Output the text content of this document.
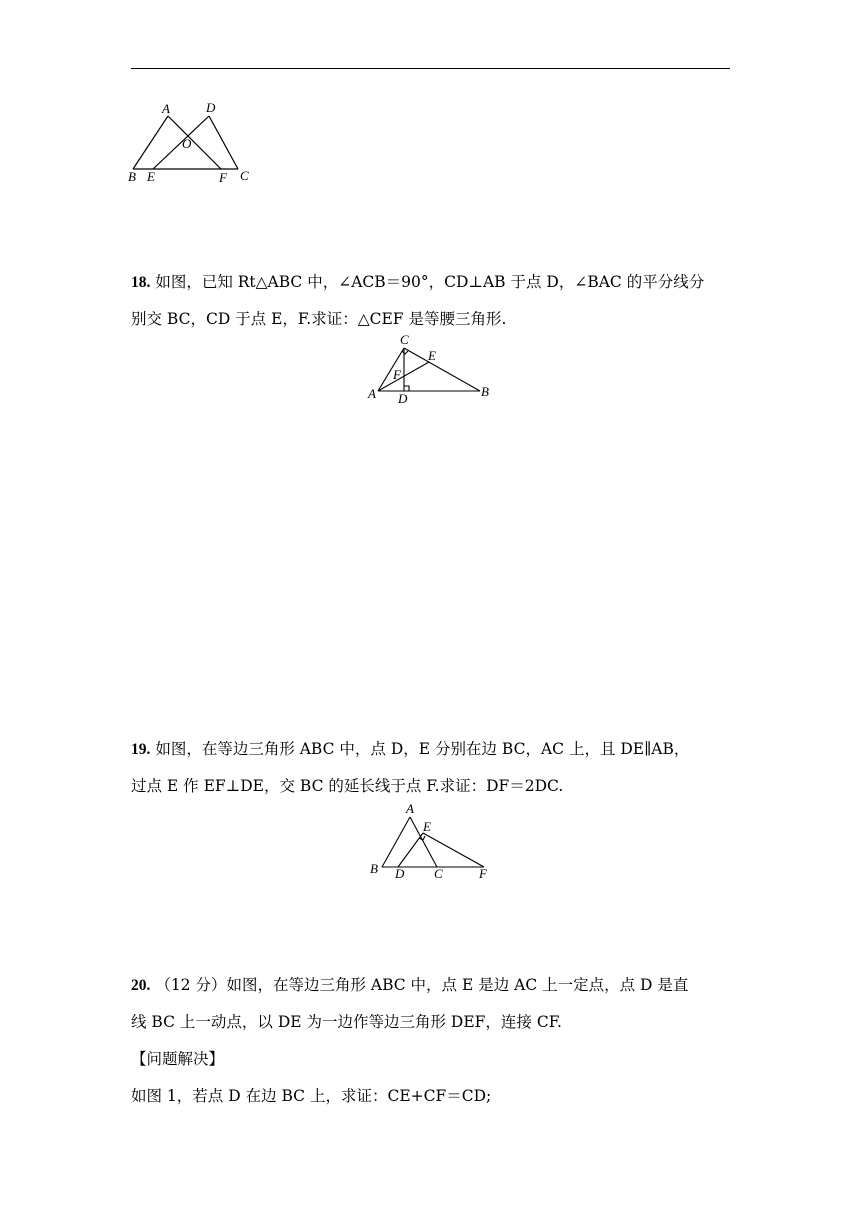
A	D
O
B E	F C
18. 如图，已知 Rt△ABC 中，∠ACB＝90°，CD⊥AB 于点 D，∠BAC 的平分线分
别交 BC，CD 于点 E，F.求证：△CEF 是等腰三角形.
C
E
F
A D	B
19. 如图，在等边三角形 ABC 中，点 D，E 分别在边 BC，AC 上，且 DE∥AB，
过点 E 作 EF⊥DE，交 BC 的延长线于点 F.求证：DF＝2DC.
A
E
B D C	F
20. （12 分）如图，在等边三角形 ABC 中，点 E 是边 AC 上一定点，点 D 是直
线 BC 上一动点，以 DE 为一边作等边三角形 DEF，连接 CF.
【问题解决】
如图 1，若点 D 在边 BC 上，求证：CE+CF＝CD;
